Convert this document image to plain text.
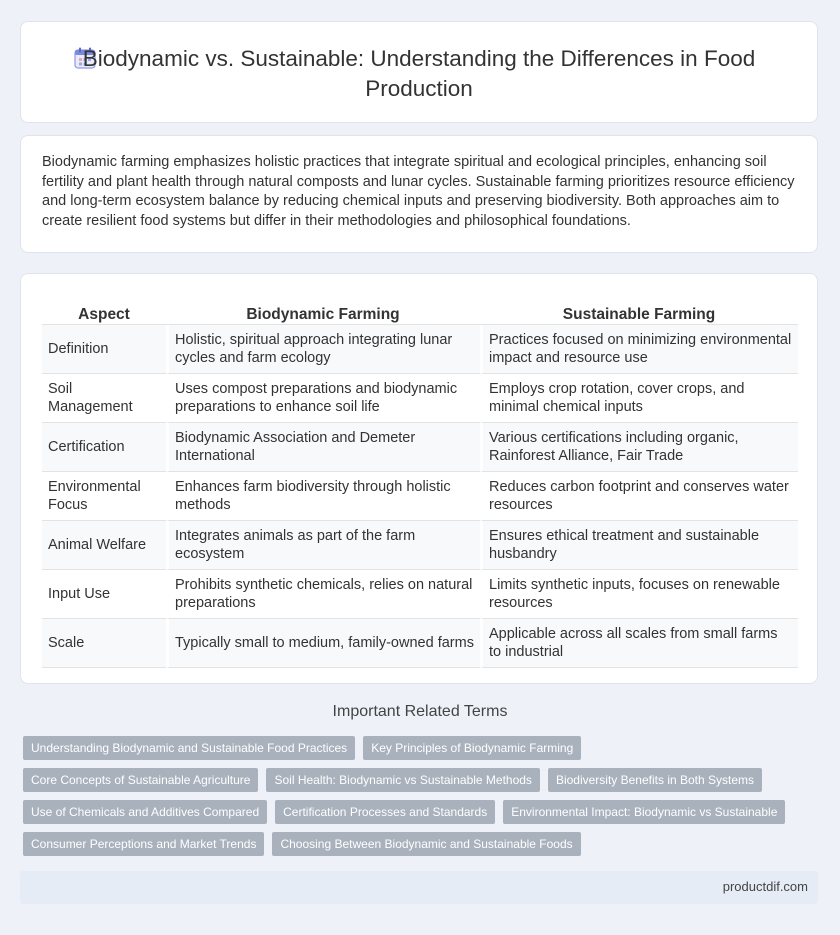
Biodynamic vs. Sustainable: Understanding the Differences in Food Production

Biodynamic farming emphasizes holistic practices that integrate spiritual and ecological principles, enhancing soil fertility and plant health through natural composts and lunar cycles. Sustainable farming prioritizes resource efficiency and long-term ecosystem balance by reducing chemical inputs and preserving biodiversity. Both approaches aim to create resilient food systems but differ in their methodologies and philosophical foundations.

Aspect	Biodynamic Farming	Sustainable Farming
Definition	Holistic, spiritual approach integrating lunar cycles and farm ecology	Practices focused on minimizing environmental impact and resource use
Soil Management	Uses compost preparations and biodynamic preparations to enhance soil life	Employs crop rotation, cover crops, and minimal chemical inputs
Certification	Biodynamic Association and Demeter International	Various certifications including organic, Rainforest Alliance, Fair Trade
Environmental Focus	Enhances farm biodiversity through holistic methods	Reduces carbon footprint and conserves water resources
Animal Welfare	Integrates animals as part of the farm ecosystem	Ensures ethical treatment and sustainable husbandry
Input Use	Prohibits synthetic chemicals, relies on natural preparations	Limits synthetic inputs, focuses on renewable resources
Scale	Typically small to medium, family-owned farms	Applicable across all scales from small farms to industrial
Important Related Terms
Understanding Biodynamic and Sustainable Food Practices	Key Principles of Biodynamic Farming
Core Concepts of Sustainable Agriculture	Soil Health: Biodynamic vs Sustainable Methods	Biodiversity Benefits in Both Systems
Use of Chemicals and Additives Compared	Certification Processes and Standards	Environmental Impact: Biodynamic vs Sustainable
Consumer Perceptions and Market Trends	Choosing Between Biodynamic and Sustainable Foods
productdif.com
